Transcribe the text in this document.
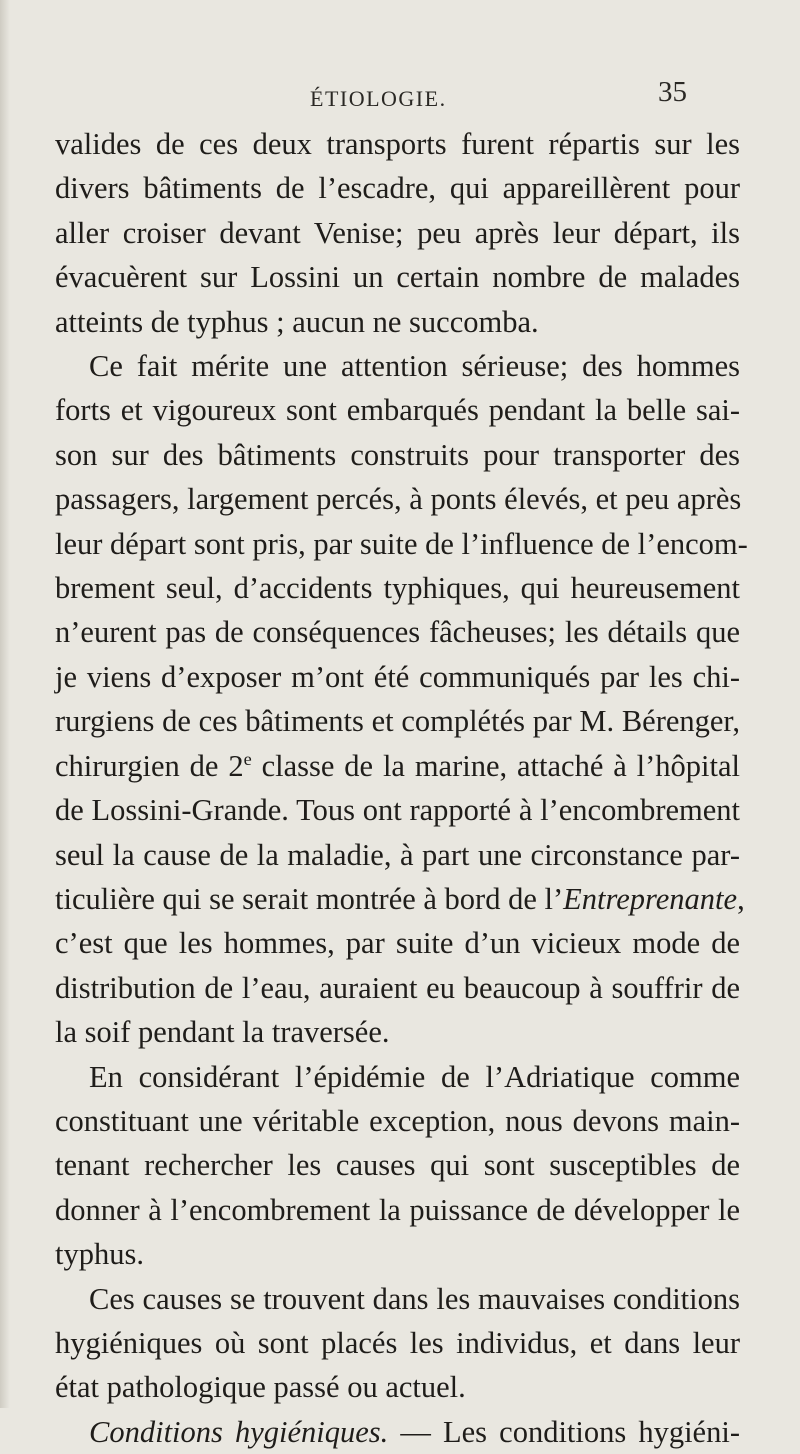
ÉTIOLOGIE.	35
valides de ces deux transports furent répartis sur les
divers bâtiments de l’escadre, qui appareillèrent pour
aller croiser devant Venise; peu après leur départ, ils
évacuèrent sur Lossini un certain nombre de malades
atteints de typhus ; aucun ne succomba.
Ce fait mérite une attention sérieuse; des hommes
forts et vigoureux sont embarqués pendant la belle sai-
son sur des bâtiments construits pour transporter des
passagers, largement percés, à ponts élevés, et peu après
leur départ sont pris, par suite de l’influence de l’encom-
brement seul, d’accidents typhiques, qui heureusement
n’eurent pas de conséquences fâcheuses; les détails que
je viens d’exposer m’ont été communiqués par les chi-
rurgiens de ces bâtiments et complétés par M. Bérenger,
chirurgien de 2e classe de la marine, attaché à l’hôpital
de Lossini-Grande. Tous ont rapporté à l’encombrement
seul la cause de la maladie, à part une circonstance par-
ticulière qui se serait montrée à bord de l’Entreprenante,
c’est que les hommes, par suite d’un vicieux mode de
distribution de l’eau, auraient eu beaucoup à souffrir de
la soif pendant la traversée.
En considérant l’épidémie de l’Adriatique comme
constituant une véritable exception, nous devons main-
tenant rechercher les causes qui sont susceptibles de
donner à l’encombrement la puissance de développer le
typhus.
Ces causes se trouvent dans les mauvaises conditions
hygiéniques où sont placés les individus, et dans leur
état pathologique passé ou actuel.
Conditions hygiéniques. — Les conditions hygiéni-
